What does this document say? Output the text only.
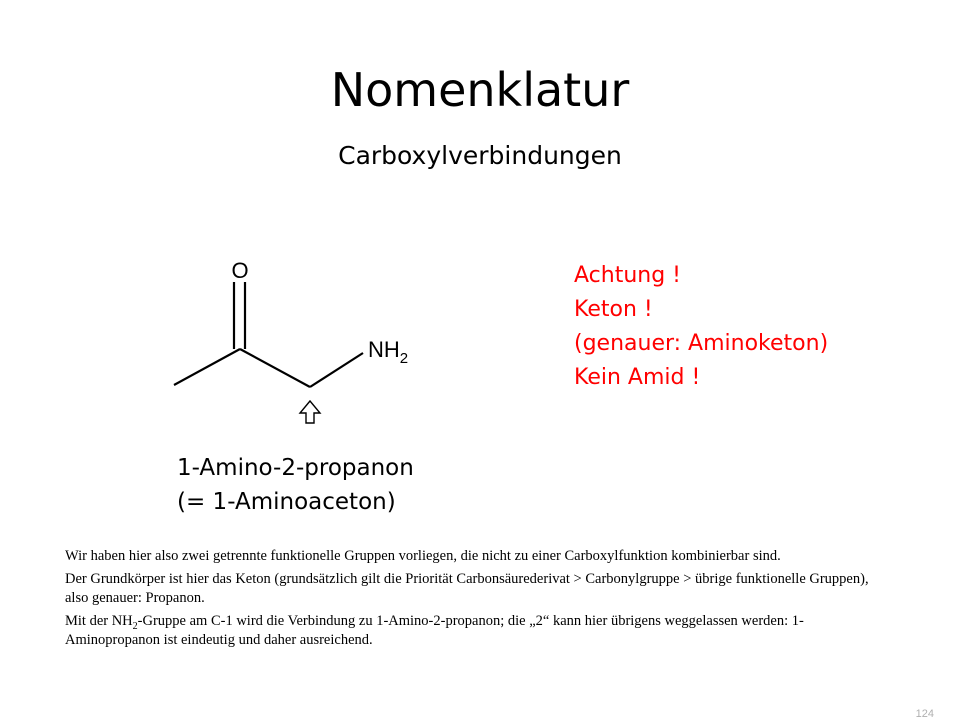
Nomenklatur
Carboxylverbindungen
O
$NH_2$
Achtung !
Keton !
(genauer: Aminoketon)
Kein Amid !
1-Amino-2-propanon
(= 1-Aminoaceton)

Wir haben hier also zwei getrennte funktionelle Gruppen vorliegen, die nicht zu einer Carboxylfunktion kombinierbar sind.

Der Grundkörper ist hier das Keton (grundsätzlich gilt die Priorität Carbonsäurederivat > Carbonylgruppe > übrige funktionelle Gruppen), also genauer: Propanon.

Mit der $NH_2$-Gruppe am C-1 wird die Verbindung zu 1-Amino-2-propanon; die „2“ kann hier übrigens weggelassen werden: 1-Aminopropanon ist eindeutig und daher ausreichend.

124
